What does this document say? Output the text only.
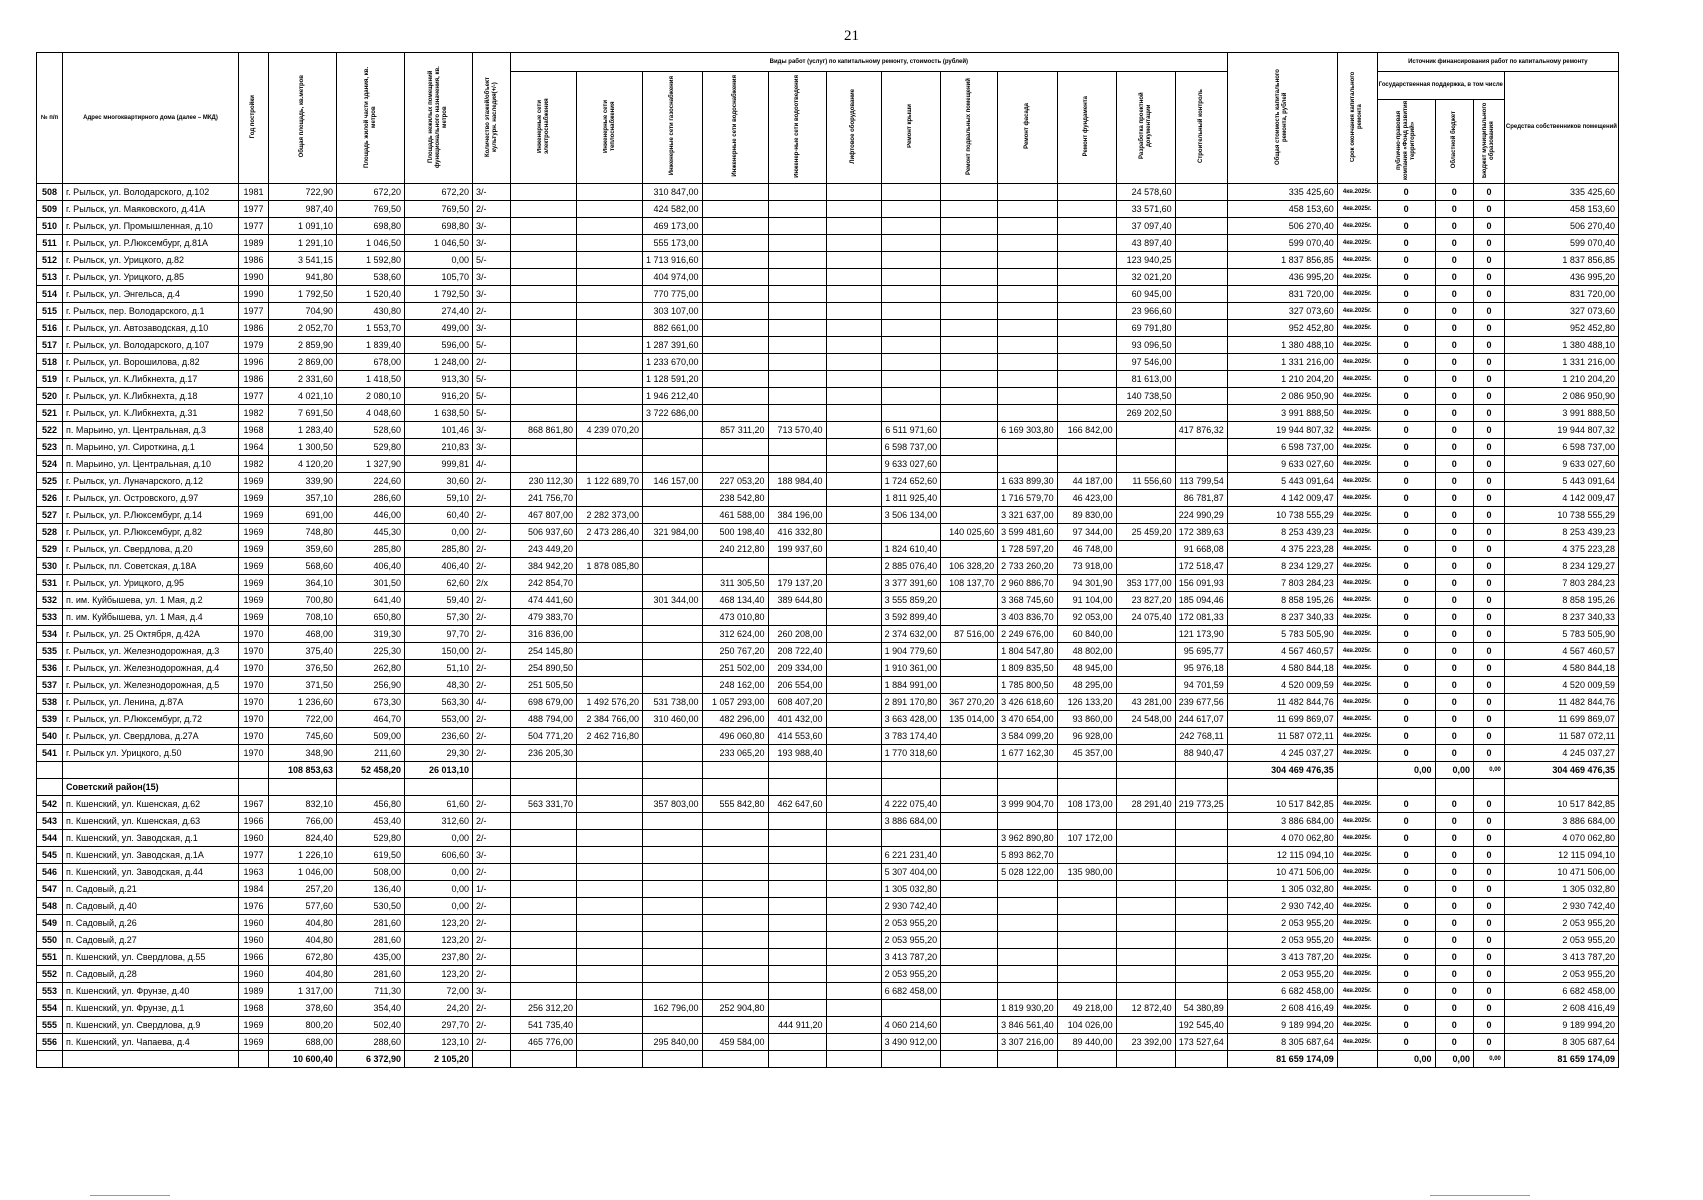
21
№ п/п	Адрес многоквартирного дома (далее – МКД)	Год постройки	Общая площадь, кв.метров	Площадь жилой части здания, кв. метров	Площадь нежилых помещений функционального назначения, кв. метров	Количество этажей/объект культурн. наследия(+/-)	Виды работ (услуг) по капитальному ремонту, стоимость (рублей)												Общая стоимость капитального ремонта, рублей	Срок окончания капитального ремонта	Источник финансирования работ по капитальному ремонту			
							Инженерные сети электроснабжения	Инженерные сети теплоснабжения	Инженерные сети газоснабжения	Инженерные сети водоснабжения	Инженер-ные сети водоотведения	Лифтовое оборудование	Ремонт крыши	Ремонт подвальных помещений	Ремонт фасада	Ремонт фундамента	Разработка проектной документации	Строительный контроль			Государственная поддержка, в том числе			Средства собственников помещений
																					публично-правовая компания «Фонд развития территорий»	Областной бюджет	Бюджет муниципального образования	
508	г. Рыльск, ул. Володарского, д.102	1981	722,90	672,20	672,20	3/-			310 847,00								24 578,60		335 425,60	4кв.2025г.	0	0	0	335 425,60
509	г. Рыльск, ул. Маяковского, д.41А	1977	987,40	769,50	769,50	2/-			424 582,00								33 571,60		458 153,60	4кв.2025г.	0	0	0	458 153,60
510	г. Рыльск, ул. Промышленная, д.10	1977	1 091,10	698,80	698,80	3/-			469 173,00								37 097,40		506 270,40	4кв.2025г.	0	0	0	506 270,40
511	г. Рыльск, ул. Р.Люксембург, д.81А	1989	1 291,10	1 046,50	1 046,50	3/-			555 173,00								43 897,40		599 070,40	4кв.2025г.	0	0	0	599 070,40
512	г. Рыльск, ул. Урицкого, д.82	1986	3 541,15	1 592,80	0,00	5/-			1 713 916,60								123 940,25		1 837 856,85	4кв.2025г.	0	0	0	1 837 856,85
513	г. Рыльск, ул. Урицкого, д.85	1990	941,80	538,60	105,70	3/-			404 974,00								32 021,20		436 995,20	4кв.2025г.	0	0	0	436 995,20
514	г. Рыльск, ул. Энгельса, д.4	1990	1 792,50	1 520,40	1 792,50	3/-			770 775,00								60 945,00		831 720,00	4кв.2025г.	0	0	0	831 720,00
515	г. Рыльск, пер. Володарского, д.1	1977	704,90	430,80	274,40	2/-			303 107,00								23 966,60		327 073,60	4кв.2025г.	0	0	0	327 073,60
516	г. Рыльск, ул. Автозаводская, д.10	1986	2 052,70	1 553,70	499,00	3/-			882 661,00								69 791,80		952 452,80	4кв.2025г.	0	0	0	952 452,80
517	г. Рыльск, ул. Володарского, д.107	1979	2 859,90	1 839,40	596,00	5/-			1 287 391,60								93 096,50		1 380 488,10	4кв.2025г.	0	0	0	1 380 488,10
518	г. Рыльск, ул. Ворошилова, д.82	1996	2 869,00	678,00	1 248,00	2/-			1 233 670,00								97 546,00		1 331 216,00	4кв.2025г.	0	0	0	1 331 216,00
519	г. Рыльск, ул. К.Либкнехта, д.17	1986	2 331,60	1 418,50	913,30	5/-			1 128 591,20								81 613,00		1 210 204,20	4кв.2025г.	0	0	0	1 210 204,20
520	г. Рыльск, ул. К.Либкнехта, д.18	1977	4 021,10	2 080,10	916,20	5/-			1 946 212,40								140 738,50		2 086 950,90	4кв.2025г.	0	0	0	2 086 950,90
521	г. Рыльск, ул. К.Либкнехта, д.31	1982	7 691,50	4 048,60	1 638,50	5/-			3 722 686,00								269 202,50		3 991 888,50	4кв.2025г.	0	0	0	3 991 888,50
522	п. Марьино, ул. Центральная, д.3	1968	1 283,40	528,60	101,46	3/-	868 861,80	4 239 070,20		857 311,20	713 570,40		6 511 971,60		6 169 303,80	166 842,00		417 876,32	19 944 807,32	4кв.2025г.	0	0	0	19 944 807,32
523	п. Марьино, ул. Сироткина, д.1	1964	1 300,50	529,80	210,83	3/-							6 598 737,00						6 598 737,00	4кв.2025г.	0	0	0	6 598 737,00
524	п. Марьино, ул. Центральная, д.10	1982	4 120,20	1 327,90	999,81	4/-							9 633 027,60						9 633 027,60	4кв.2025г.	0	0	0	9 633 027,60
525	г. Рыльск, ул. Луначарского, д.12	1969	339,90	224,60	30,60	2/-	230 112,30	1 122 689,70	146 157,00	227 053,20	188 984,40		1 724 652,60		1 633 899,30	44 187,00	11 556,60	113 799,54	5 443 091,64	4кв.2025г.	0	0	0	5 443 091,64
526	г. Рыльск, ул. Островского, д.97	1969	357,10	286,60	59,10	2/-	241 756,70			238 542,80			1 811 925,40		1 716 579,70	46 423,00		86 781,87	4 142 009,47	4кв.2025г.	0	0	0	4 142 009,47
527	г. Рыльск, ул. Р.Люксембург, д.14	1969	691,00	446,00	60,40	2/-	467 807,00	2 282 373,00		461 588,00	384 196,00		3 506 134,00		3 321 637,00	89 830,00		224 990,29	10 738 555,29	4кв.2025г.	0	0	0	10 738 555,29
528	г. Рыльск, ул. Р.Люксембург, д.82	1969	748,80	445,30	0,00	2/-	506 937,60	2 473 286,40	321 984,00	500 198,40	416 332,80			140 025,60	3 599 481,60	97 344,00	25 459,20	172 389,63	8 253 439,23	4кв.2025г.	0	0	0	8 253 439,23
529	г. Рыльск, ул. Свердлова, д.20	1969	359,60	285,80	285,80	2/-	243 449,20			240 212,80	199 937,60		1 824 610,40		1 728 597,20	46 748,00		91 668,08	4 375 223,28	4кв.2025г.	0	0	0	4 375 223,28
530	г. Рыльск, пл. Советская, д.18А	1969	568,60	406,40	406,40	2/-	384 942,20	1 878 085,80					2 885 076,40	106 328,20	2 733 260,20	73 918,00		172 518,47	8 234 129,27	4кв.2025г.	0	0	0	8 234 129,27
531	г. Рыльск, ул. Урицкого, д.95	1969	364,10	301,50	62,60	2/х	242 854,70			311 305,50	179 137,20		3 377 391,60	108 137,70	2 960 886,70	94 301,90	353 177,00	156 091,93	7 803 284,23	4кв.2025г.	0	0	0	7 803 284,23
532	п. им. Куйбышева, ул. 1 Мая, д.2	1969	700,80	641,40	59,40	2/-	474 441,60		301 344,00	468 134,40	389 644,80		3 555 859,20		3 368 745,60	91 104,00	23 827,20	185 094,46	8 858 195,26	4кв.2025г.	0	0	0	8 858 195,26
533	п. им. Куйбышева, ул. 1 Мая, д.4	1969	708,10	650,80	57,30	2/-	479 383,70			473 010,80			3 592 899,40		3 403 836,70	92 053,00	24 075,40	172 081,33	8 237 340,33	4кв.2025г.	0	0	0	8 237 340,33
534	г. Рыльск, ул. 25 Октября, д.42А	1970	468,00	319,30	97,70	2/-	316 836,00			312 624,00	260 208,00		2 374 632,00	87 516,00	2 249 676,00	60 840,00		121 173,90	5 783 505,90	4кв.2025г.	0	0	0	5 783 505,90
535	г. Рыльск, ул. Железнодорожная, д.3	1970	375,40	225,30	150,00	2/-	254 145,80			250 767,20	208 722,40		1 904 779,60		1 804 547,80	48 802,00		95 695,77	4 567 460,57	4кв.2025г.	0	0	0	4 567 460,57
536	г. Рыльск, ул. Железнодорожная, д.4	1970	376,50	262,80	51,10	2/-	254 890,50			251 502,00	209 334,00		1 910 361,00		1 809 835,50	48 945,00		95 976,18	4 580 844,18	4кв.2025г.	0	0	0	4 580 844,18
537	г. Рыльск, ул. Железнодорожная, д.5	1970	371,50	256,90	48,30	2/-	251 505,50			248 162,00	206 554,00		1 884 991,00		1 785 800,50	48 295,00		94 701,59	4 520 009,59	4кв.2025г.	0	0	0	4 520 009,59
538	г. Рыльск, ул. Ленина, д.87А	1970	1 236,60	673,30	563,30	4/-	698 679,00	1 492 576,20	531 738,00	1 057 293,00	608 407,20		2 891 170,80	367 270,20	3 426 618,60	126 133,20	43 281,00	239 677,56	11 482 844,76	4кв.2025г.	0	0	0	11 482 844,76
539	г. Рыльск, ул. Р.Люксембург, д.72	1970	722,00	464,70	553,00	2/-	488 794,00	2 384 766,00	310 460,00	482 296,00	401 432,00		3 663 428,00	135 014,00	3 470 654,00	93 860,00	24 548,00	244 617,07	11 699 869,07	4кв.2025г.	0	0	0	11 699 869,07
540	г. Рыльск, ул. Свердлова, д.27А	1970	745,60	509,00	236,60	2/-	504 771,20	2 462 716,80		496 060,80	414 553,60		3 783 174,40		3 584 099,20	96 928,00		242 768,11	11 587 072,11	4кв.2025г.	0	0	0	11 587 072,11
541	г. Рыльск ул. Урицкого, д.50	1970	348,90	211,60	29,30	2/-	236 205,30			233 065,20	193 988,40		1 770 318,60		1 677 162,30	45 357,00		88 940,47	4 245 037,27	4кв.2025г.	0	0	0	4 245 037,27
			108 853,63	52 458,20	26 013,10														304 469 476,35		0,00	0,00	0,00	304 469 476,35
	Советский район(15)																							
542	п. Кшенский, ул. Кшенская, д.62	1967	832,10	456,80	61,60	2/-	563 331,70		357 803,00	555 842,80	462 647,60		4 222 075,40		3 999 904,70	108 173,00	28 291,40	219 773,25	10 517 842,85	4кв.2025г.	0	0	0	10 517 842,85
543	п. Кшенский, ул. Кшенская, д.63	1966	766,00	453,40	312,60	2/-							3 886 684,00						3 886 684,00	4кв.2025г.	0	0	0	3 886 684,00
544	п. Кшенский, ул. Заводская, д.1	1960	824,40	529,80	0,00	2/-									3 962 890,80	107 172,00			4 070 062,80	4кв.2025г.	0	0	0	4 070 062,80
545	п. Кшенский, ул. Заводская, д.1А	1977	1 226,10	619,50	606,60	3/-							6 221 231,40		5 893 862,70				12 115 094,10	4кв.2025г.	0	0	0	12 115 094,10
546	п. Кшенский, ул. Заводская, д.44	1963	1 046,00	508,00	0,00	2/-							5 307 404,00		5 028 122,00	135 980,00			10 471 506,00	4кв.2025г.	0	0	0	10 471 506,00
547	п. Садовый, д.21	1984	257,20	136,40	0,00	1/-							1 305 032,80						1 305 032,80	4кв.2025г.	0	0	0	1 305 032,80
548	п. Садовый, д.40	1976	577,60	530,50	0,00	2/-							2 930 742,40						2 930 742,40	4кв.2025г.	0	0	0	2 930 742,40
549	п. Садовый, д.26	1960	404,80	281,60	123,20	2/-							2 053 955,20						2 053 955,20	4кв.2025г.	0	0	0	2 053 955,20
550	п. Садовый, д.27	1960	404,80	281,60	123,20	2/-							2 053 955,20						2 053 955,20	4кв.2025г.	0	0	0	2 053 955,20
551	п. Кшенский, ул. Свердлова, д.55	1966	672,80	435,00	237,80	2/-							3 413 787,20						3 413 787,20	4кв.2025г.	0	0	0	3 413 787,20
552	п. Садовый, д.28	1960	404,80	281,60	123,20	2/-							2 053 955,20						2 053 955,20	4кв.2025г.	0	0	0	2 053 955,20
553	п. Кшенский, ул. Фрунзе, д.40	1989	1 317,00	711,30	72,00	3/-							6 682 458,00						6 682 458,00	4кв.2025г.	0	0	0	6 682 458,00
554	п. Кшенский, ул. Фрунзе, д.1	1968	378,60	354,40	24,20	2/-	256 312,20		162 796,00	252 904,80					1 819 930,20	49 218,00	12 872,40	54 380,89	2 608 416,49	4кв.2025г.	0	0	0	2 608 416,49
555	п. Кшенский, ул. Свердлова, д.9	1969	800,20	502,40	297,70	2/-	541 735,40				444 911,20		4 060 214,60		3 846 561,40	104 026,00		192 545,40	9 189 994,20	4кв.2025г.	0	0	0	9 189 994,20
556	п. Кшенский, ул. Чапаева, д.4	1969	688,00	288,60	123,10	2/-	465 776,00		295 840,00	459 584,00			3 490 912,00		3 307 216,00	89 440,00	23 392,00	173 527,64	8 305 687,64	4кв.2025г.	0	0	0	8 305 687,64
			10 600,40	6 372,90	2 105,20														81 659 174,09		0,00	0,00	0,00	81 659 174,09
